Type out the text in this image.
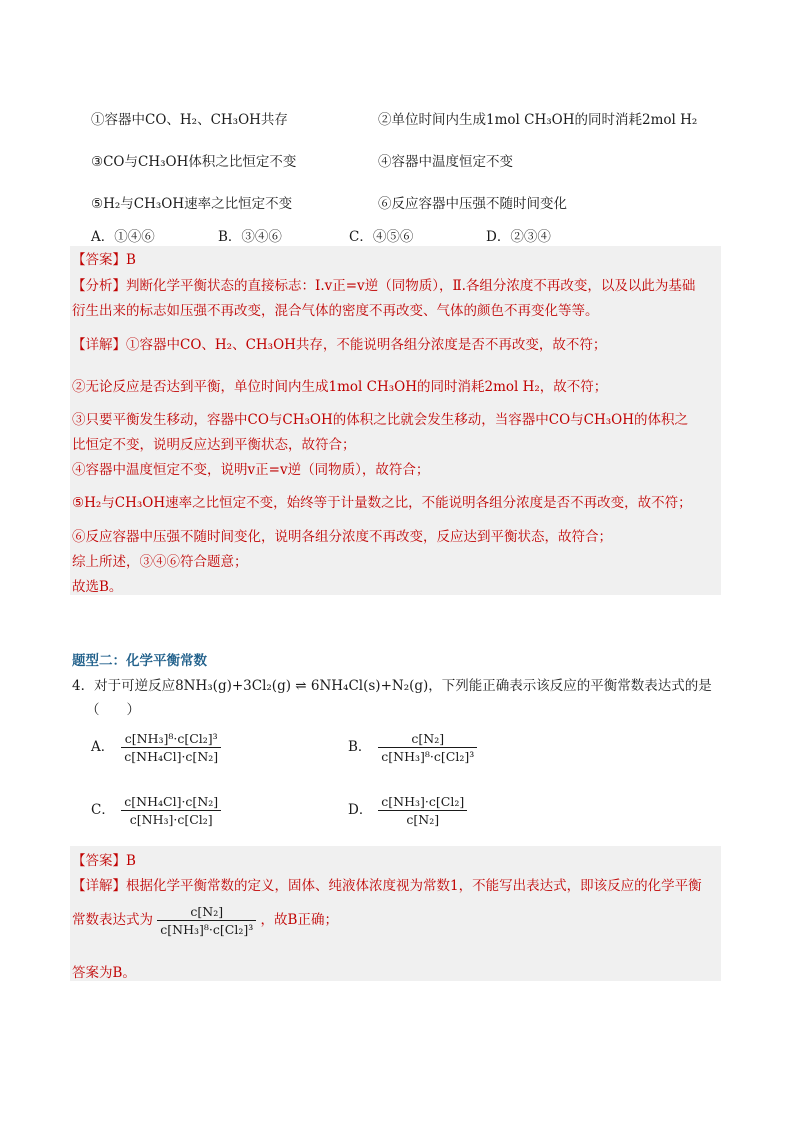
①容器中CO、H₂、CH₃OH共存	②单位时间内生成1mol CH₃OH的同时消耗2mol H₂
③CO与CH₃OH体积之比恒定不变	④容器中温度恒定不变
⑤H₂与CH₃OH速率之比恒定不变	⑥反应容器中压强不随时间变化
A．①④⑥	B．③④⑥	C．④⑤⑥	D．②③④
【答案】B
【分析】判断化学平衡状态的直接标志：Ⅰ.v正=v逆（同物质），Ⅱ.各组分浓度不再改变，以及以此为基础
衍生出来的标志如压强不再改变，混合气体的密度不再改变、气体的颜色不再变化等等。
【详解】①容器中CO、H₂、CH₃OH共存，不能说明各组分浓度是否不再改变，故不符；
②无论反应是否达到平衡，单位时间内生成1mol CH₃OH的同时消耗2mol H₂，故不符；
③只要平衡发生移动，容器中CO与CH₃OH的体积之比就会发生移动，当容器中CO与CH₃OH的体积之
比恒定不变，说明反应达到平衡状态，故符合；
④容器中温度恒定不变，说明v正=v逆（同物质），故符合；
⑤H₂与CH₃OH速率之比恒定不变，始终等于计量数之比，不能说明各组分浓度是否不再改变，故不符；
⑥反应容器中压强不随时间变化，说明各组分浓度不再改变，反应达到平衡状态，故符合；
综上所述，③④⑥符合题意；
故选B。
题型二：化学平衡常数
4．对于可逆反应8NH₃(g)+3Cl₂(g) ⇌ 6NH₄Cl(s)+N₂(g)，下列能正确表示该反应的平衡常数表达式的是
（　　）
A． $\frac{\text{c[NH₃]⁸·c[Cl₂]³}}{\text{c[NH₄Cl]·c[N₂]}}$	B． $\frac{\text{c[N₂]}}{\text{c[NH₃]⁸·c[Cl₂]³}}$
C． $\frac{\text{c[NH₄Cl]·c[N₂]}}{\text{c[NH₃]·c[Cl₂]}}$	D． $\frac{\text{c[NH₃]·c[Cl₂]}}{\text{c[N₂]}}$
【答案】B
【详解】根据化学平衡常数的定义，固体、纯液体浓度视为常数1，不能写出表达式，即该反应的化学平衡
常数表达式为 $\frac{\text{c[N₂]}}{\text{c[NH₃]⁸·c[Cl₂]³}}$ ，故B正确；
答案为B。
